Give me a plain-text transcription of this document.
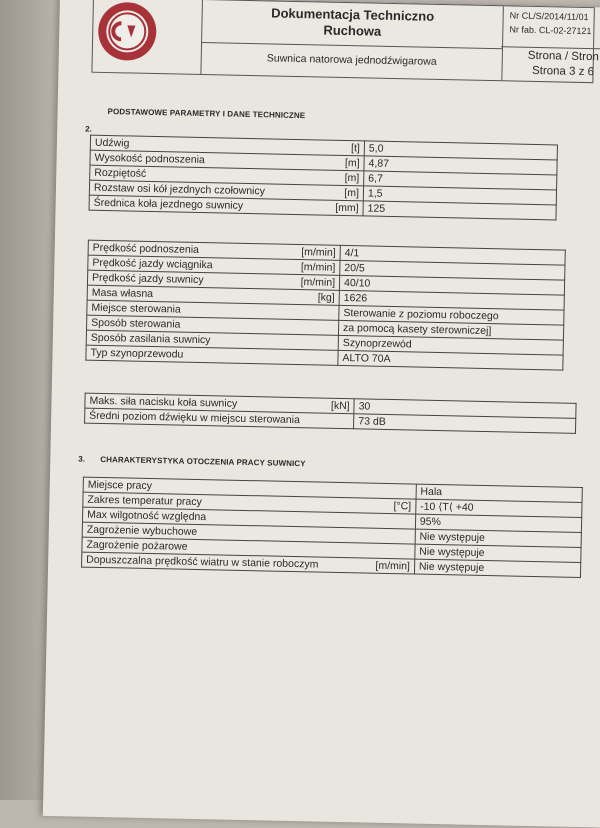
Dokumentacja Techniczno
Ruchowa
Suwnica natorowa jednodźwigarowa
Nr CL/S/2014/11/01
Nr fab. CL-02-27121
Strona / Stron
Strona 3 z 6
2.
PODSTAWOWE PARAMETRY I DANE TECHNICZNE
Udźwig	[t]	5,0
Wysokość podnoszenia	[m]	4,87
Rozpiętość	[m]	6,7
Rozstaw osi kół jezdnych czołownicy	[m]	1,5
Średnica koła jezdnego suwnicy	[mm]	125
Prędkość podnoszenia	[m/min]	4/1
Prędkość jazdy wciągnika	[m/min]	20/5
Prędkość jazdy suwnicy	[m/min]	40/10
Masa własna	[kg]	1626
Miejsce sterowania		Sterowanie z poziomu roboczego
Sposób sterowania		za pomocą kasety sterowniczej]
Sposób zasilania suwnicy		Szynoprzewód
Typ szynoprzewodu		ALTO 70A
Maks. siła nacisku koła suwnicy	[kN]	30
Średni poziom dźwięku w miejscu sterowania		73 dB
3. CHARAKTERYSTYKA OTOCZENIA PRACY SUWNICY
Miejsce pracy		Hala
Zakres temperatur pracy	[°C]	-10 ⟨T⟨ +40
Max wilgotność względna		95%
Zagrożenie wybuchowe		Nie występuje
Zagrożenie pożarowe		Nie występuje
Dopuszczalna prędkość wiatru w stanie roboczym	[m/min]	Nie występuje
